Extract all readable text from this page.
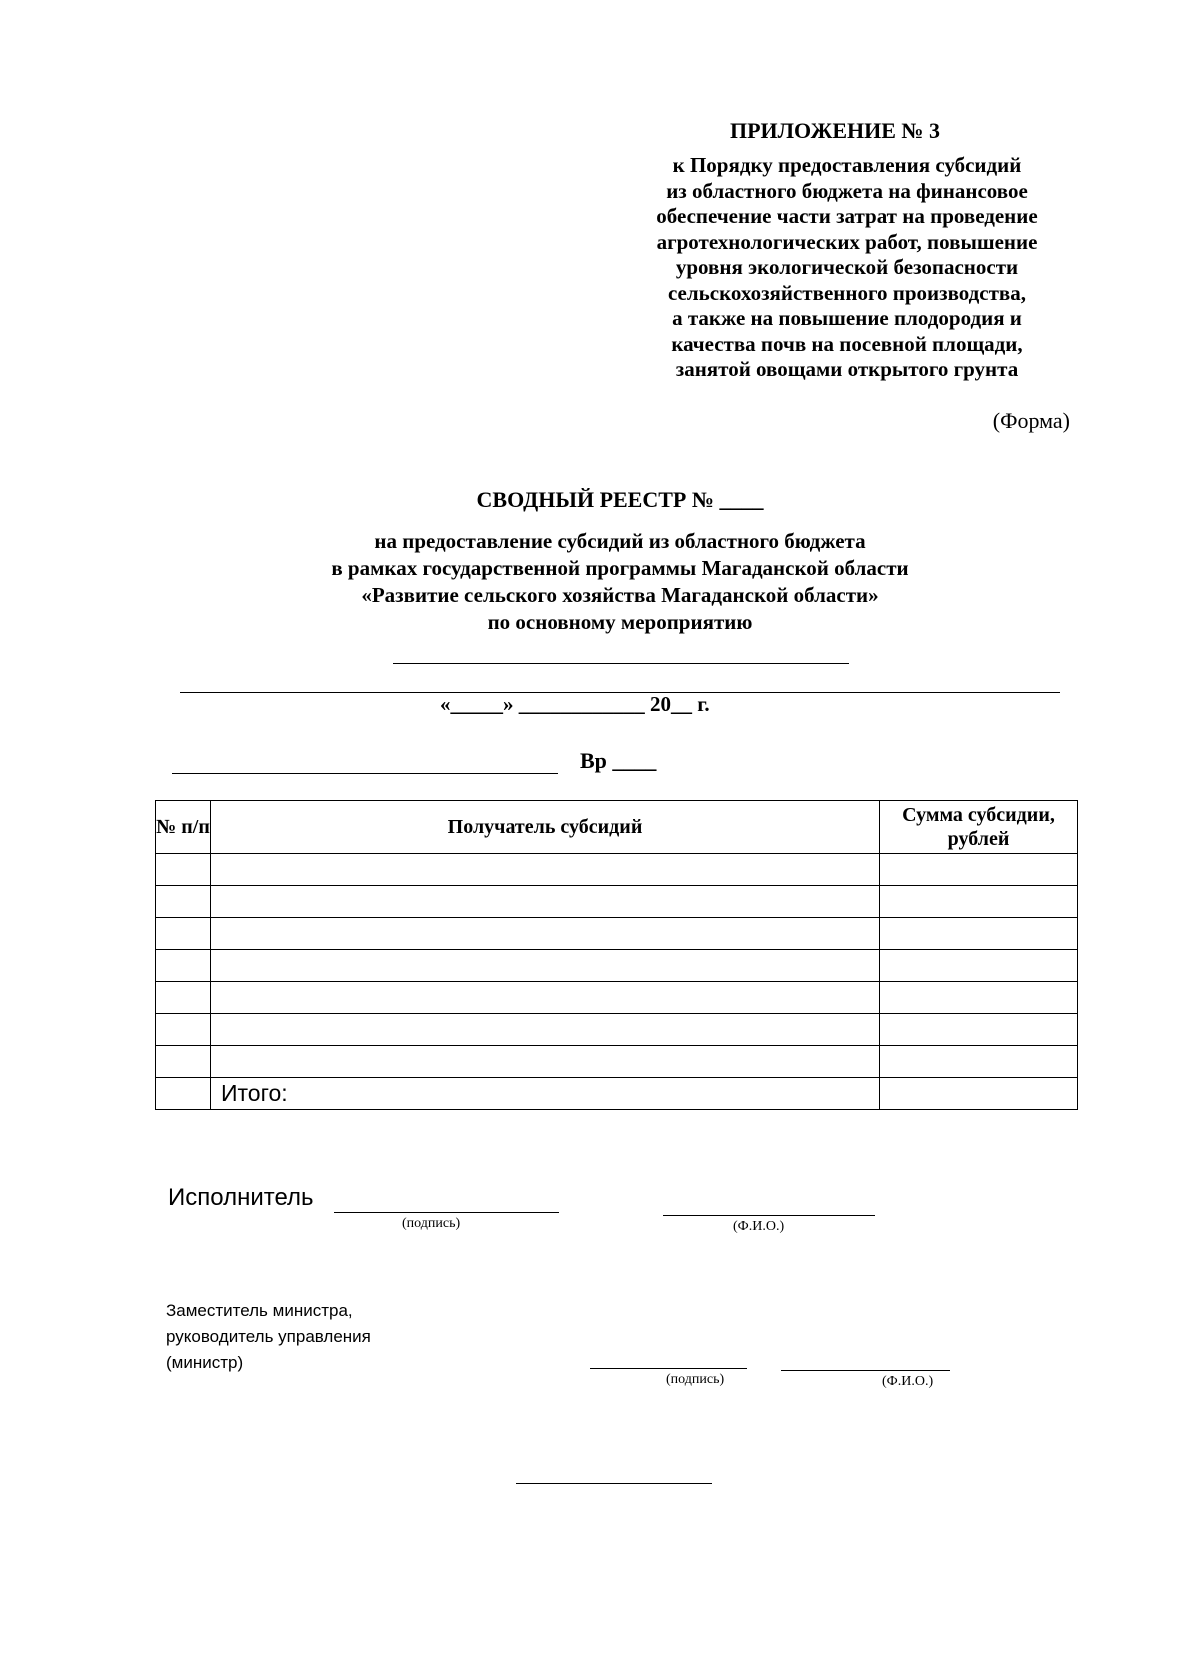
ПРИЛОЖЕНИЕ № 3
к Порядку предоставления субсидий
из областного бюджета на финансовое
обеспечение части затрат на проведение
агротехнологических работ, повышение
уровня экологической безопасности
сельскохозяйственного производства,
а также на повышение плодородия и
качества почв на посевной площади,
занятой овощами открытого грунта
(Форма)
СВОДНЫЙ РЕЕСТР № ____
на предоставление субсидий из областного бюджета
в рамках государственной программы Магаданской области
«Развитие сельского хозяйства Магаданской области»
по основному мероприятию
«_____» ____________ 20__ г.
Вр ____
№ п/п	Получатель субсидий	Сумма субсидии, рублей

	Итого:	
Исполнитель
(подпись)	(Ф.И.О.)
Заместитель министра,
руководитель управления
(министр)
(подпись)	(Ф.И.О.)
